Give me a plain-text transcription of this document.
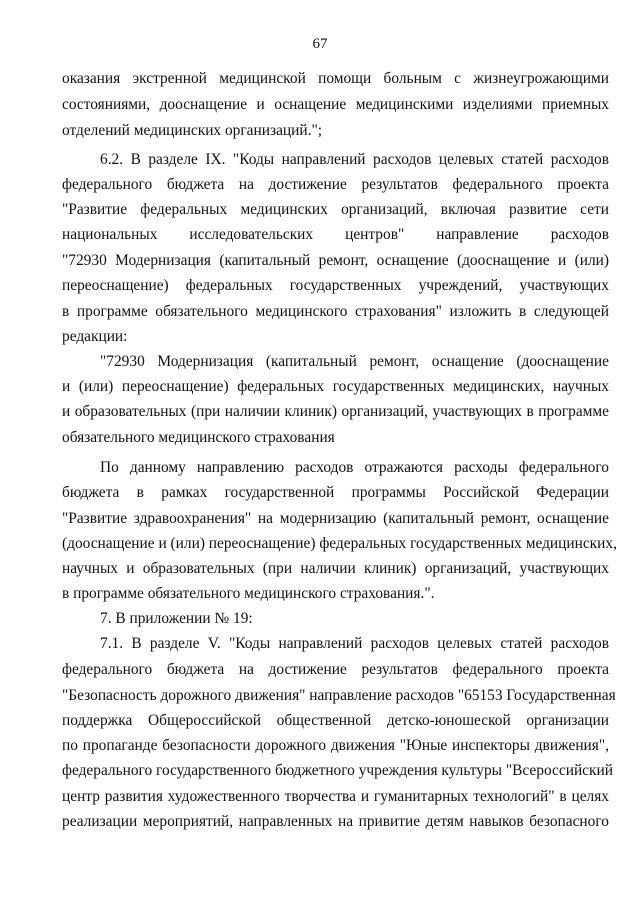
67
оказания экстренной медицинской помощи больным с жизнеугрожающими
состояниями, дооснащение и оснащение медицинскими изделиями приемных
отделений медицинских организаций.";
6.2. В разделе IX. "Коды направлений расходов целевых статей расходов
федерального бюджета на достижение результатов федерального проекта
"Развитие федеральных медицинских организаций, включая развитие сети
национальных исследовательских центров" направление расходов
"72930 Модернизация (капитальный ремонт, оснащение (дооснащение и (или)
переоснащение) федеральных государственных учреждений, участвующих
в программе обязательного медицинского страхования" изложить в следующей
редакции:
"72930 Модернизация (капитальный ремонт, оснащение (дооснащение
и (или) переоснащение) федеральных государственных медицинских, научных
и образовательных (при наличии клиник) организаций, участвующих в программе
обязательного медицинского страхования
По данному направлению расходов отражаются расходы федерального
бюджета в рамках государственной программы Российской Федерации
"Развитие здравоохранения" на модернизацию (капитальный ремонт, оснащение
(дооснащение и (или) переоснащение) федеральных государственных медицинских,
научных и образовательных (при наличии клиник) организаций, участвующих
в программе обязательного медицинского страхования.".
7. В приложении № 19:
7.1. В разделе V. "Коды направлений расходов целевых статей расходов
федерального бюджета на достижение результатов федерального проекта
"Безопасность дорожного движения" направление расходов "65153 Государственная
поддержка Общероссийской общественной детско-юношеской организации
по пропаганде безопасности дорожного движения "Юные инспекторы движения",
федерального государственного бюджетного учреждения культуры "Всероссийский
центр развития художественного творчества и гуманитарных технологий" в целях
реализации мероприятий, направленных на привитие детям навыков безопасного
